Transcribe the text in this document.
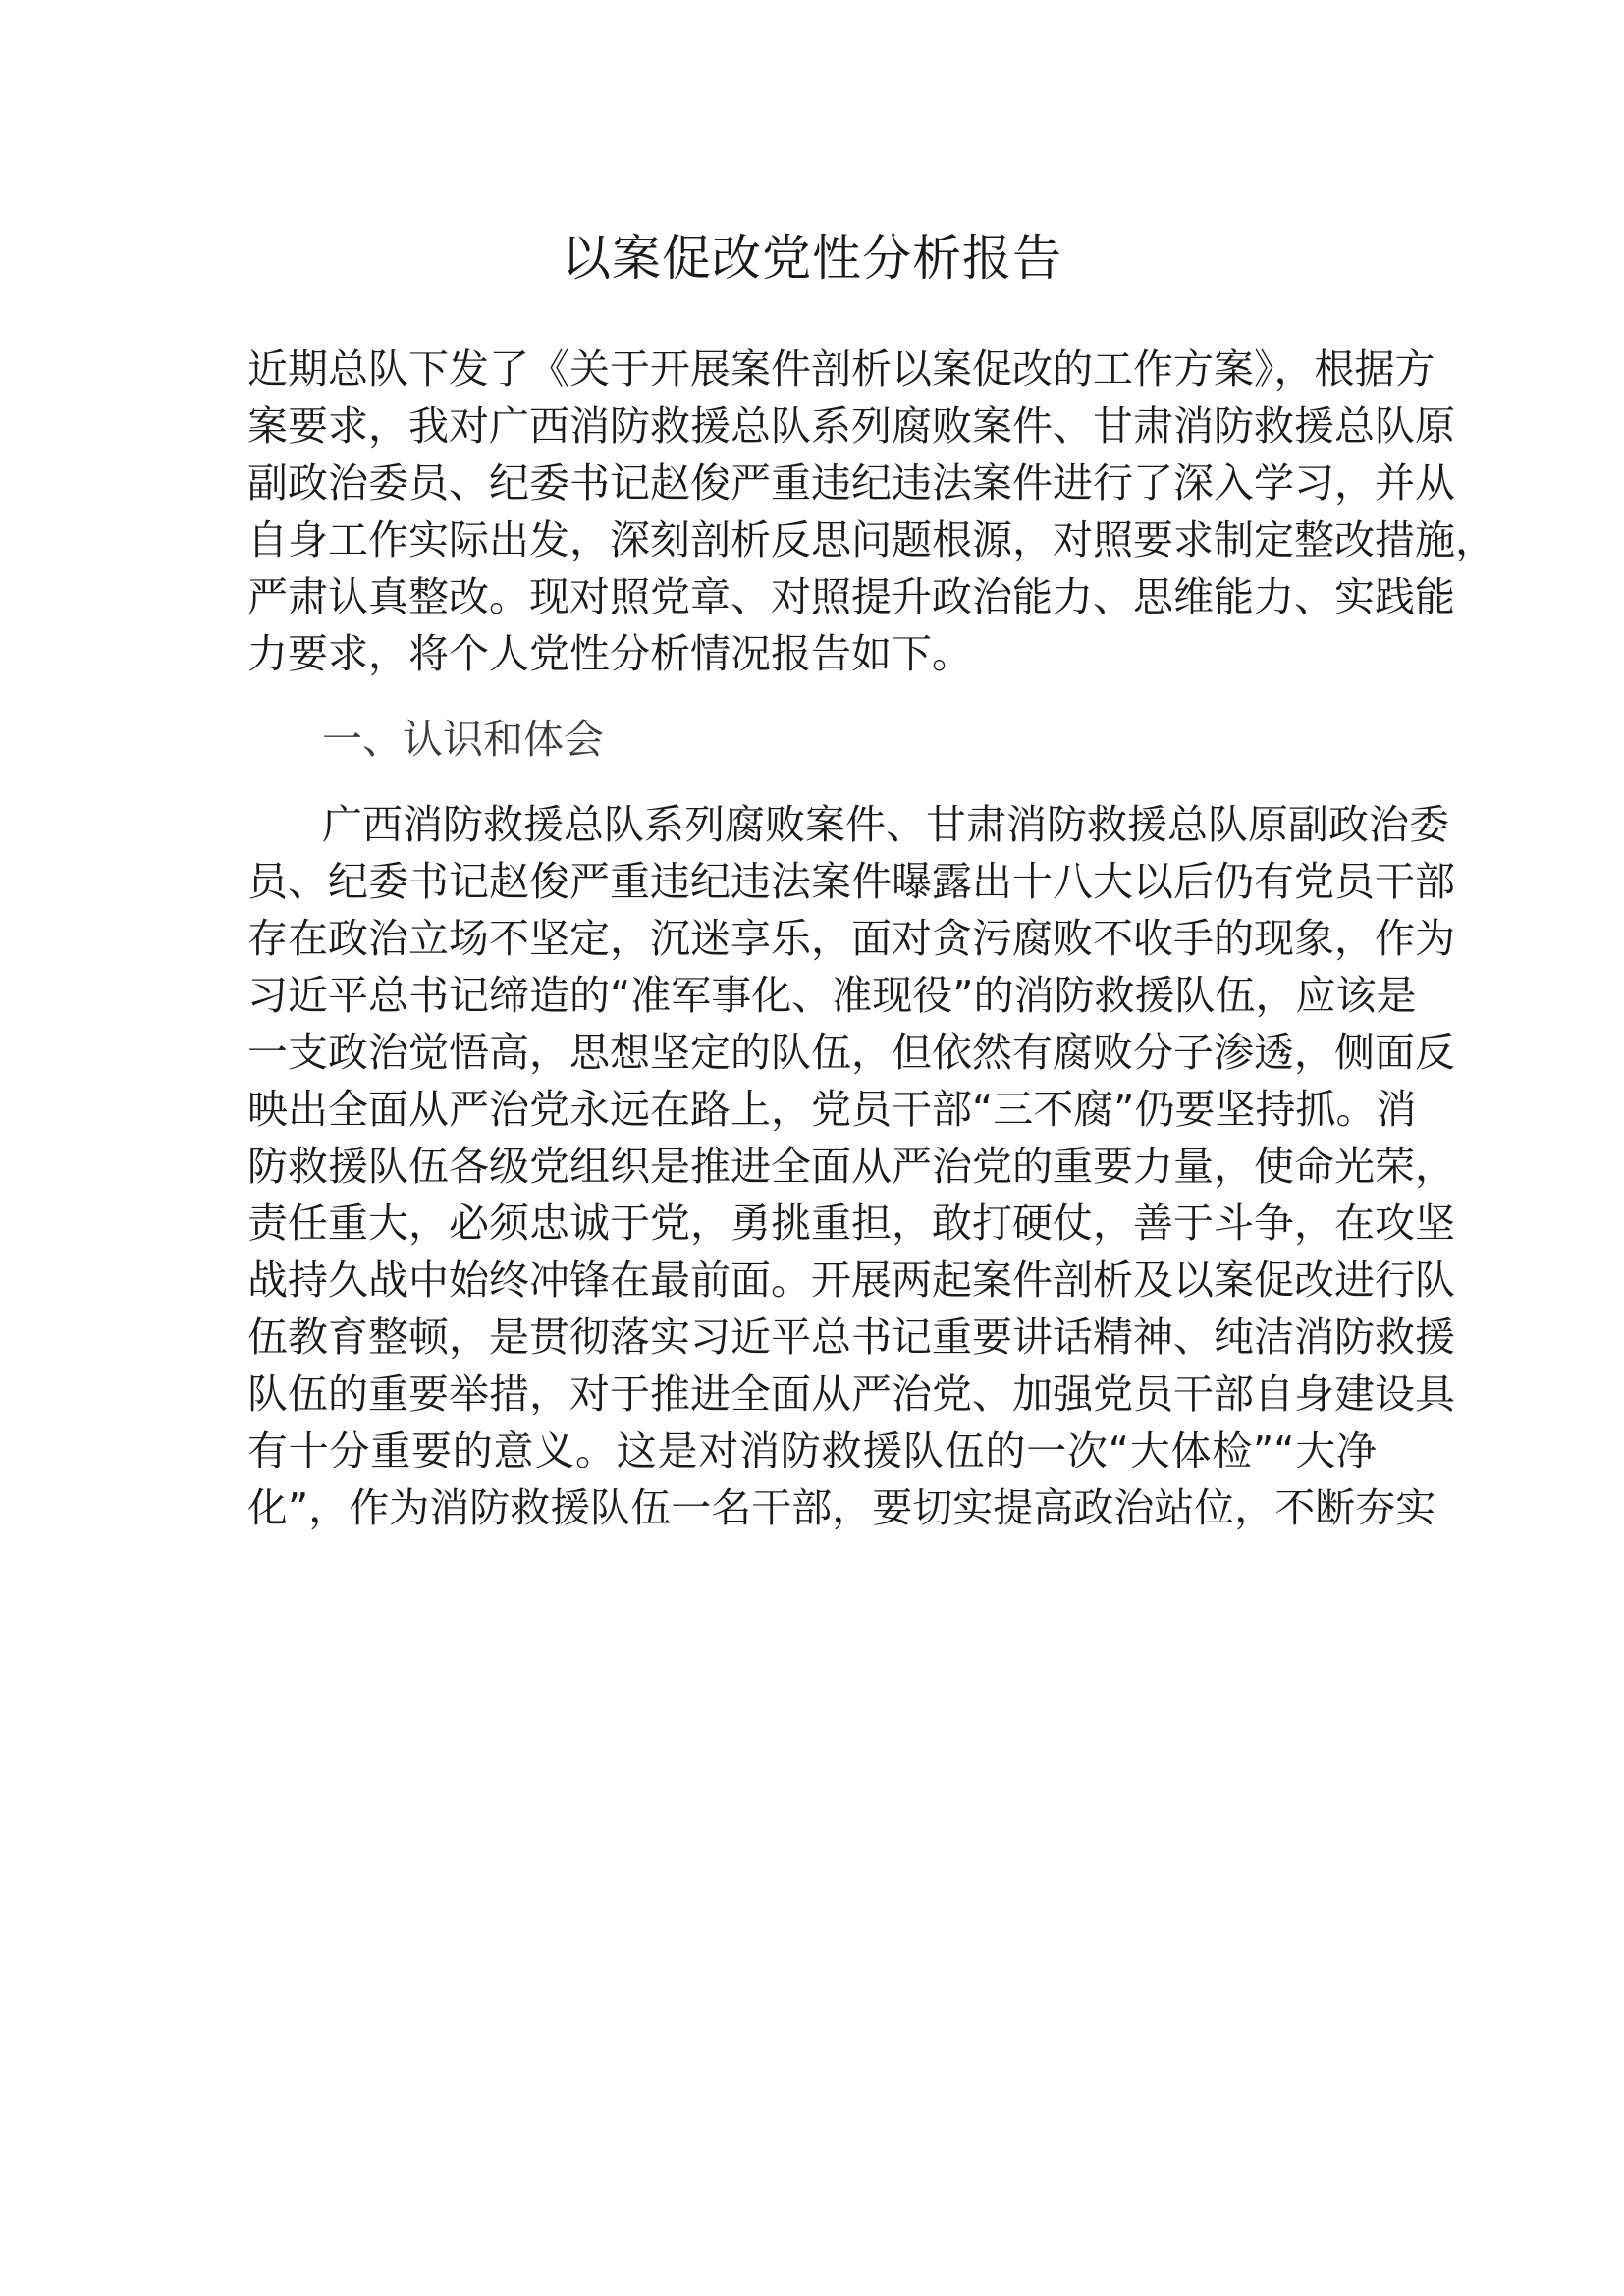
以案促改党性分析报告
近期总队下发了《关于开展案件剖析以案促改的工作方案》，根据方
案要求，我对广西消防救援总队系列腐败案件、甘肃消防救援总队原
副政治委员、纪委书记赵俊严重违纪违法案件进行了深入学习，并从
自身工作实际出发，深刻剖析反思问题根源，对照要求制定整改措施，
严肃认真整改。现对照党章、对照提升政治能力、思维能力、实践能
力要求，将个人党性分析情况报告如下。
一、认识和体会
广西消防救援总队系列腐败案件、甘肃消防救援总队原副政治委
员、纪委书记赵俊严重违纪违法案件曝露出十八大以后仍有党员干部
存在政治立场不坚定，沉迷享乐，面对贪污腐败不收手的现象，作为
习近平总书记缔造的“准军事化、准现役”的消防救援队伍，应该是
一支政治觉悟高，思想坚定的队伍，但依然有腐败分子渗透，侧面反
映出全面从严治党永远在路上，党员干部“三不腐”仍要坚持抓。消
防救援队伍各级党组织是推进全面从严治党的重要力量，使命光荣，
责任重大，必须忠诚于党，勇挑重担，敢打硬仗，善于斗争，在攻坚
战持久战中始终冲锋在最前面。开展两起案件剖析及以案促改进行队
伍教育整顿，是贯彻落实习近平总书记重要讲话精神、纯洁消防救援
队伍的重要举措，对于推进全面从严治党、加强党员干部自身建设具
有十分重要的意义。这是对消防救援队伍的一次“大体检”“大净
化”，作为消防救援队伍一名干部，要切实提高政治站位，不断夯实
